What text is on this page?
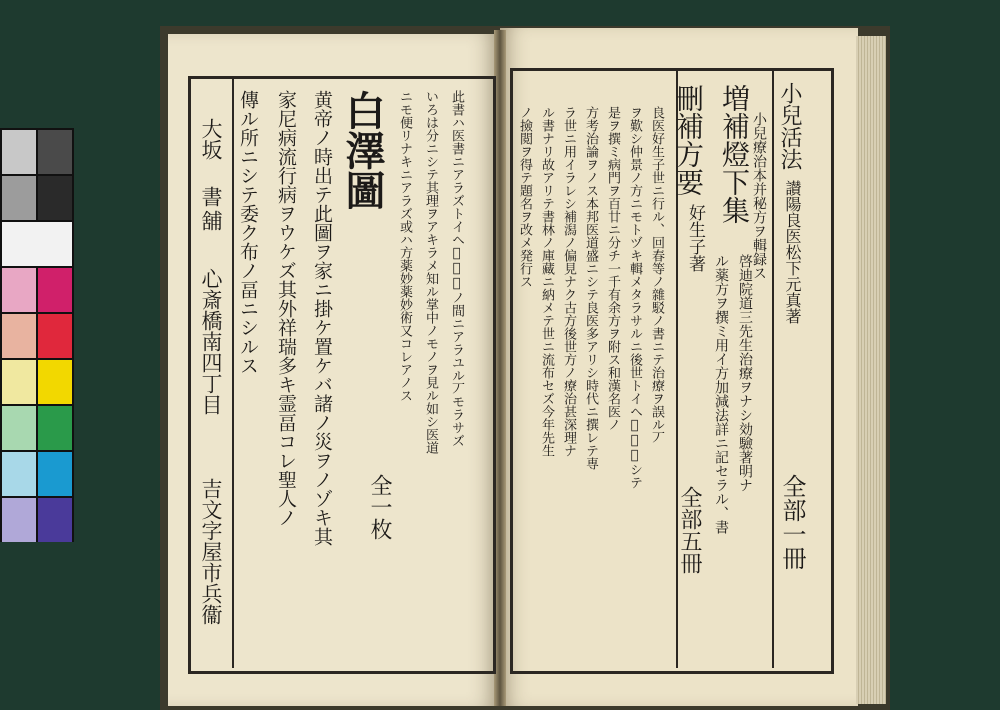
大坂
書舖
心斎橋南四丁目
吉文字屋市兵衞
傳ル所ニシテ委ク布ノ畐ニシルス 家尼病流行病ヲウケズ其外祥瑞多キ霊畐コレ聖人ノ 黄帝ノ時出テ此圖ヲ家ニ掛ケ置ケバ諸ノ災ヲノゾキ其 白澤圖
全一枚
ニモ便リナキニアラズ或ハ方薬妙薬妙術又コレアノス いろは分ニシテ其理ヲアキラメ知ル掌中ノモノヲ見ル如シ医道 此書ハ医書ニアラズトイヘ𪜈天地ノ間ニアラユル丆モラサズ	ノ撿閲ヲ得テ題名ヲ改メ発行ス ル書ナリ故アリテ書林ノ庫藏ニ納メテ世ニ流布セズ今年先生 ラ世ニ用イラレシ補潟ノ偏見ナク古方後世方ノ療治甚深理ナ 方考治論ヲノス本邦医道盛ニシテ良医多アリシ時代ニ撰レテ専 是ヲ撰ミ病門ヲ百廿ニ分チ一千有余方ヲ附ス和漢名医ノ ヲ歎シ仲景ノ方ニモトヅキ輯メタラサルニ後世トイヘ𪜈考究シテ 良医好生子世ニ行ル、回春等ノ雜駁ノ書ニテ治療ヲ誤ル丆
全部五冊
刪補方要
好生子著
ル薬方ヲ撰ミ用イ方加減法詳ニ記セラル、書 啓迪院道三先生治療ヲナシ効驗著明ナ
増補燈下集 小兒療治本并秘方ヲ輯録ス 小兒活法
讃陽良医松下元真著
全部一冊
